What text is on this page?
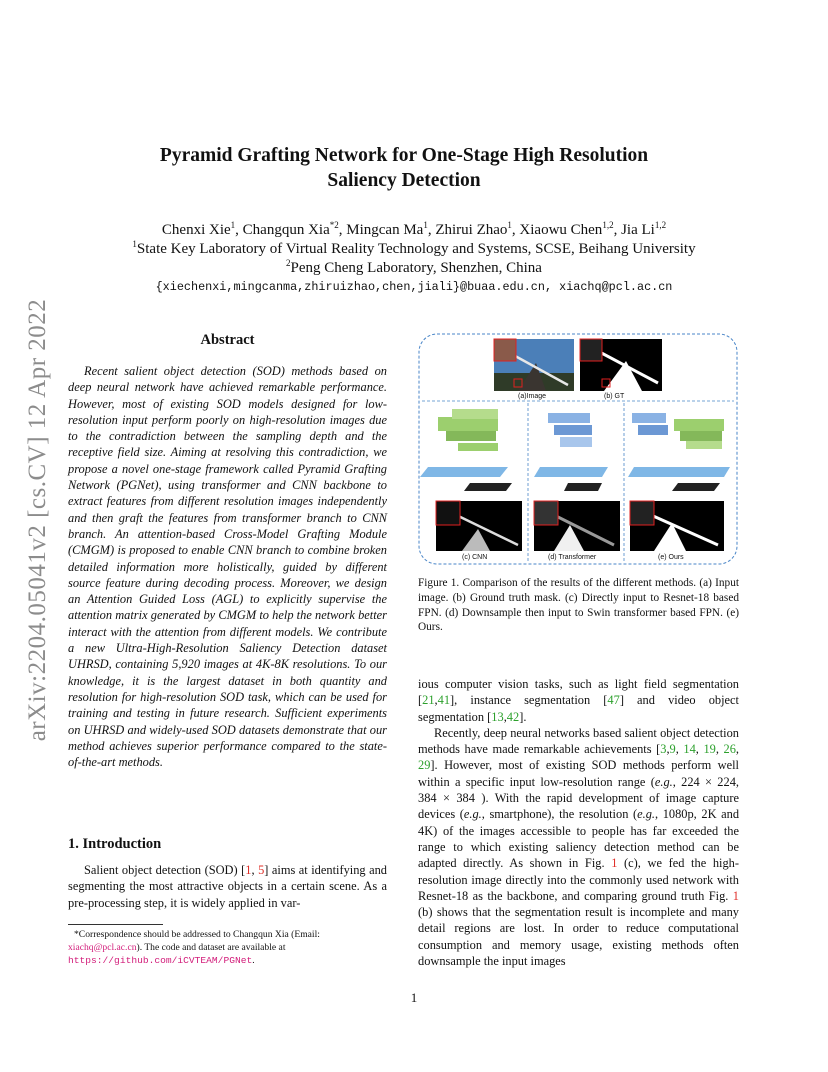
arXiv:2204.05041v2 [cs.CV] 12 Apr 2022
Pyramid Grafting Network for One-Stage High Resolution
Saliency Detection
Chenxi Xie$^1$, Changqun Xia$^{*2}$, Mingcan Ma$^1$, Zhirui Zhao$^1$, Xiaowu Chen$^{1,2}$, Jia Li$^{1,2}$
$^1$State Key Laboratory of Virtual Reality Technology and Systems, SCSE, Beihang University
$^2$Peng Cheng Laboratory, Shenzhen, China
{xiechenxi,mingcanma,zhiruizhao,chen,jiali}@buaa.edu.cn, xiachq@pcl.ac.cn
Abstract
Recent salient object detection (SOD) methods based on deep neural network have achieved remarkable performance. However, most of existing SOD models designed for low-resolution input perform poorly on high-resolution images due to the contradiction between the sampling depth and the receptive field size. Aiming at resolving this contradiction, we propose a novel one-stage framework called Pyramid Grafting Network (PGNet), using transformer and CNN backbone to extract features from different resolution images independently and then graft the features from transformer branch to CNN branch. An attention-based Cross-Model Grafting Module (CMGM) is proposed to enable CNN branch to combine broken detailed information more holistically, guided by different source feature during decoding process. Moreover, we design an Attention Guided Loss (AGL) to explicitly supervise the attention matrix generated by CMGM to help the network better interact with the attention from different models. We contribute a new Ultra-High-Resolution Saliency Detection dataset UHRSD, containing 5,920 images at 4K-8K resolutions. To our knowledge, it is the largest dataset in both quantity and resolution for high-resolution SOD task, which can be used for training and testing in future research. Sufficient experiments on UHRSD and widely-used SOD datasets demonstrate that our method achieves superior performance compared to the state-of-the-art methods.
1. Introduction
Salient object detection (SOD) [1, 5] aims at identifying and segmenting the most attractive objects in a certain scene. As a pre-processing step, it is widely applied in var-
*Correspondence should be addressed to Changqun Xia (Email: xiachq@pcl.ac.cn). The code and dataset are available at https://github.com/iCVTEAM/PGNet.
(a)Image	(b) GT
(c) CNN	(d) Transformer	(e) Ours
Figure 1. Comparison of the results of the different methods. (a) Input image. (b) Ground truth mask. (c) Directly input to Resnet-18 based FPN. (d) Downsample then input to Swin transformer based FPN. (e) Ours.

ious computer vision tasks, such as light field segmentation [21,41], instance segmentation [47] and video object segmentation [13,42].

Recently, deep neural networks based salient object detection methods have made remarkable achievements [3,9, 14, 19, 26, 29]. However, most of existing SOD methods perform well within a specific input low-resolution range (e.g., 224 × 224, 384 × 384 ). With the rapid development of image capture devices (e.g., smartphone), the resolution (e.g., 1080p, 2K and 4K) of the images accessible to people has far exceeded the range to which existing saliency detection method can be adapted directly. As shown in Fig. 1 (c), we fed the high-resolution image directly into the commonly used network with Resnet-18 as the backbone, and comparing ground truth Fig. 1 (b) shows that the segmentation result is incomplete and many detail regions are lost. In order to reduce computational consumption and memory usage, existing methods often downsample the input images

1
